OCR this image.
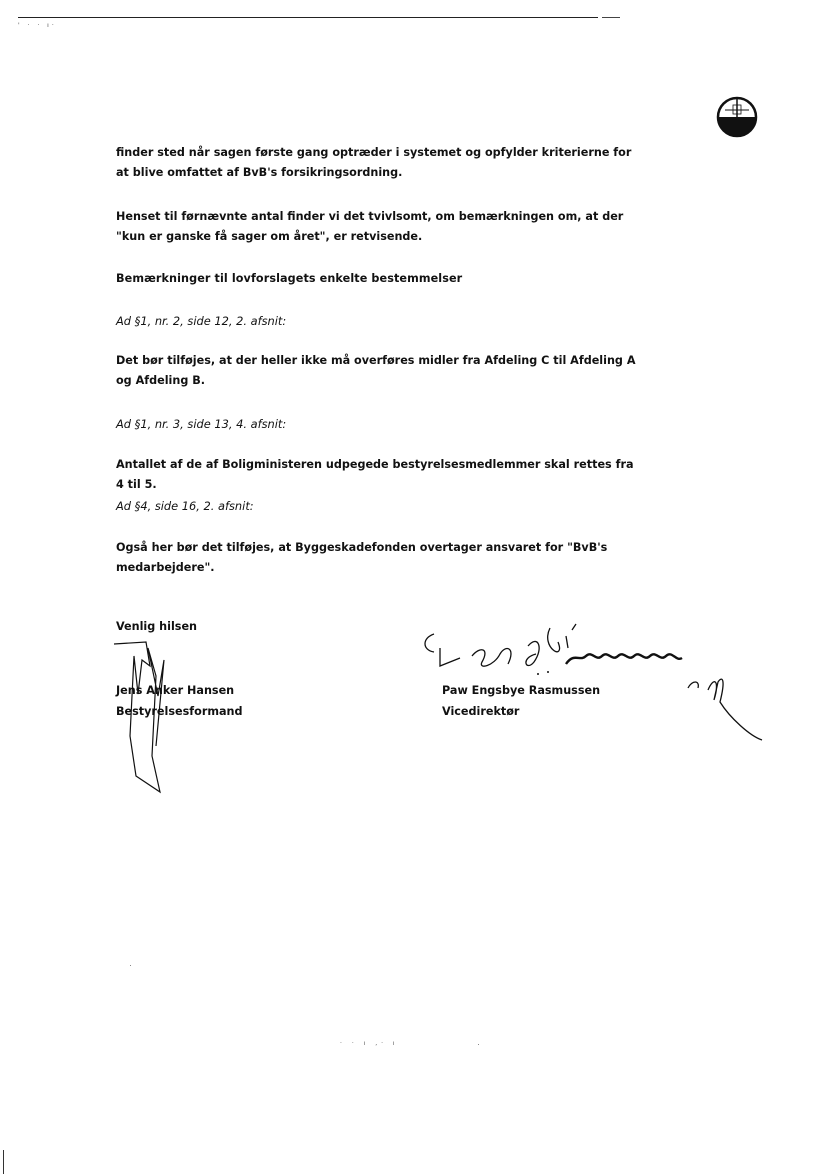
' · · ı·
finder sted når sagen første gang optræder i systemet og opfylder kriterierne for at blive omfattet af BvB's forsikringsordning.
Henset til førnævnte antal finder vi det tvivlsomt, om bemærkningen om, at der "kun er ganske få sager om året", er retvisende.
Bemærkninger til lovforslagets enkelte bestemmelser
Ad §1, nr. 2, side 12, 2. afsnit:
Det bør tilføjes, at der heller ikke må overføres midler fra Afdeling C til Afdeling A og Afdeling B.
Ad §1, nr. 3, side 13, 4. afsnit:
Antallet af de af Boligministeren udpegede bestyrelsesmedlemmer skal rettes fra 4 til 5.
Ad §4, side 16, 2. afsnit:
Også her bør det tilføjes, at Byggeskadefonden overtager ansvaret for "BvB's medarbejdere".
Venlig hilsen
Jens Anker Hansen
Bestyrelsesformand
Paw Engsbye Rasmussen
Vicedirektør
· · ı ,· ı
